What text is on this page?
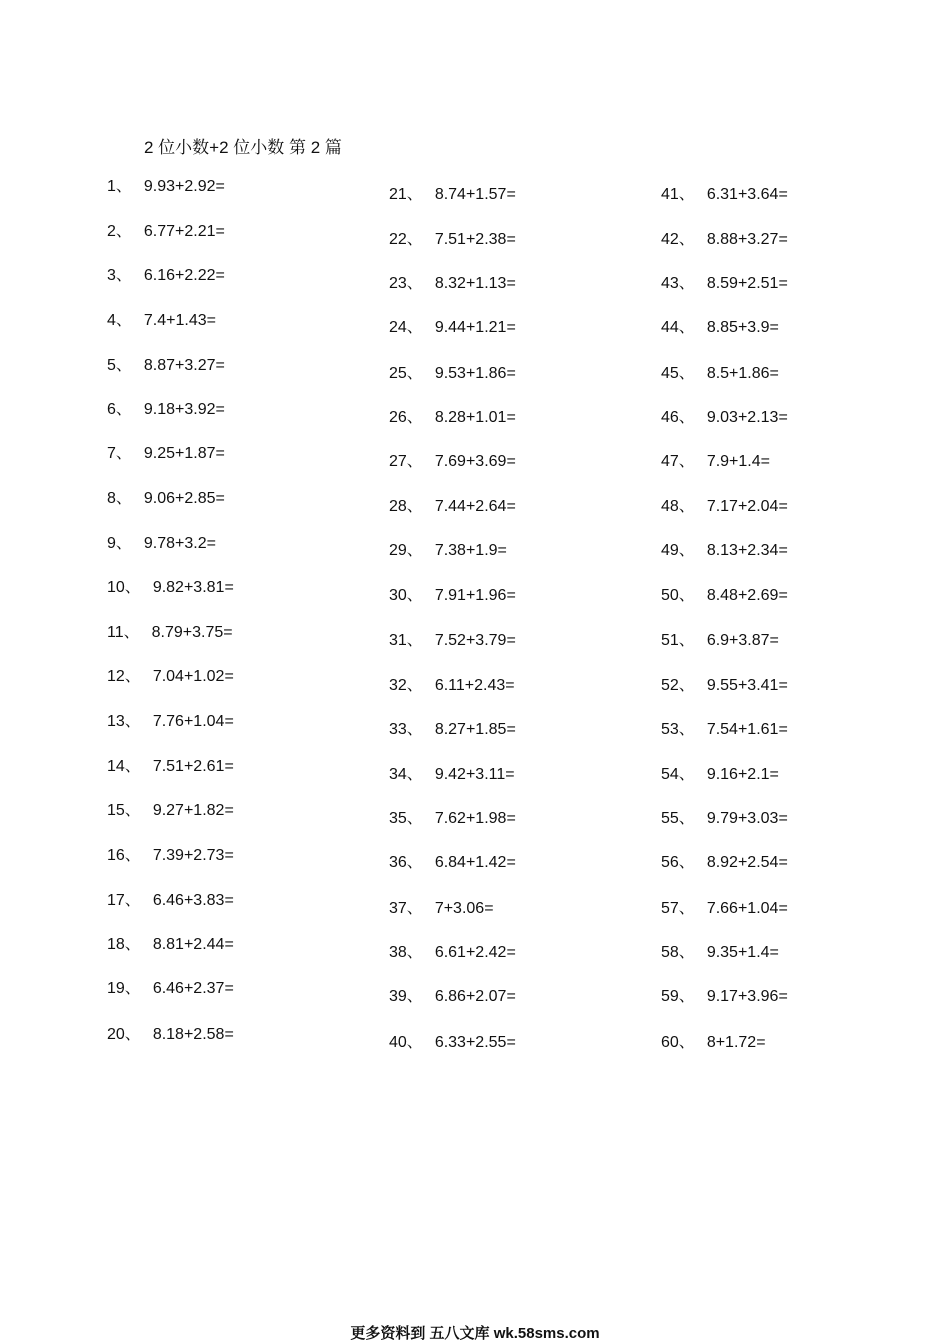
2 位小数+2 位小数 第 2 篇
1、 9.93+2.92=
2、 6.77+2.21=
3、 6.16+2.22=
4、 7.4+1.43=
5、 8.87+3.27=
6、 9.18+3.92=
7、 9.25+1.87=
8、 9.06+2.85=
9、 9.78+3.2=
10、 9.82+3.81=
11、 8.79+3.75=
12、 7.04+1.02=
13、 7.76+1.04=
14、 7.51+2.61=
15、 9.27+1.82=
16、 7.39+2.73=
17、 6.46+3.83=
18、 8.81+2.44=
19、 6.46+2.37=
20、 8.18+2.58=
21、 8.74+1.57=
22、 7.51+2.38=
23、 8.32+1.13=
24、 9.44+1.21=
25、 9.53+1.86=
26、 8.28+1.01=
27、 7.69+3.69=
28、 7.44+2.64=
29、 7.38+1.9=
30、 7.91+1.96=
31、 7.52+3.79=
32、 6.11+2.43=
33、 8.27+1.85=
34、 9.42+3.11=
35、 7.62+1.98=
36、 6.84+1.42=
37、 7+3.06=
38、 6.61+2.42=
39、 6.86+2.07=
40、 6.33+2.55=
41、 6.31+3.64=
42、 8.88+3.27=
43、 8.59+2.51=
44、 8.85+3.9=
45、 8.5+1.86=
46、 9.03+2.13=
47、 7.9+1.4=
48、 7.17+2.04=
49、 8.13+2.34=
50、 8.48+2.69=
51、 6.9+3.87=
52、 9.55+3.41=
53、 7.54+1.61=
54、 9.16+2.1=
55、 9.79+3.03=
56、 8.92+2.54=
57、 7.66+1.04=
58、 9.35+1.4=
59、 9.17+3.96=
60、 8+1.72=
更多资料到 五八文库 wk.58sms.com
